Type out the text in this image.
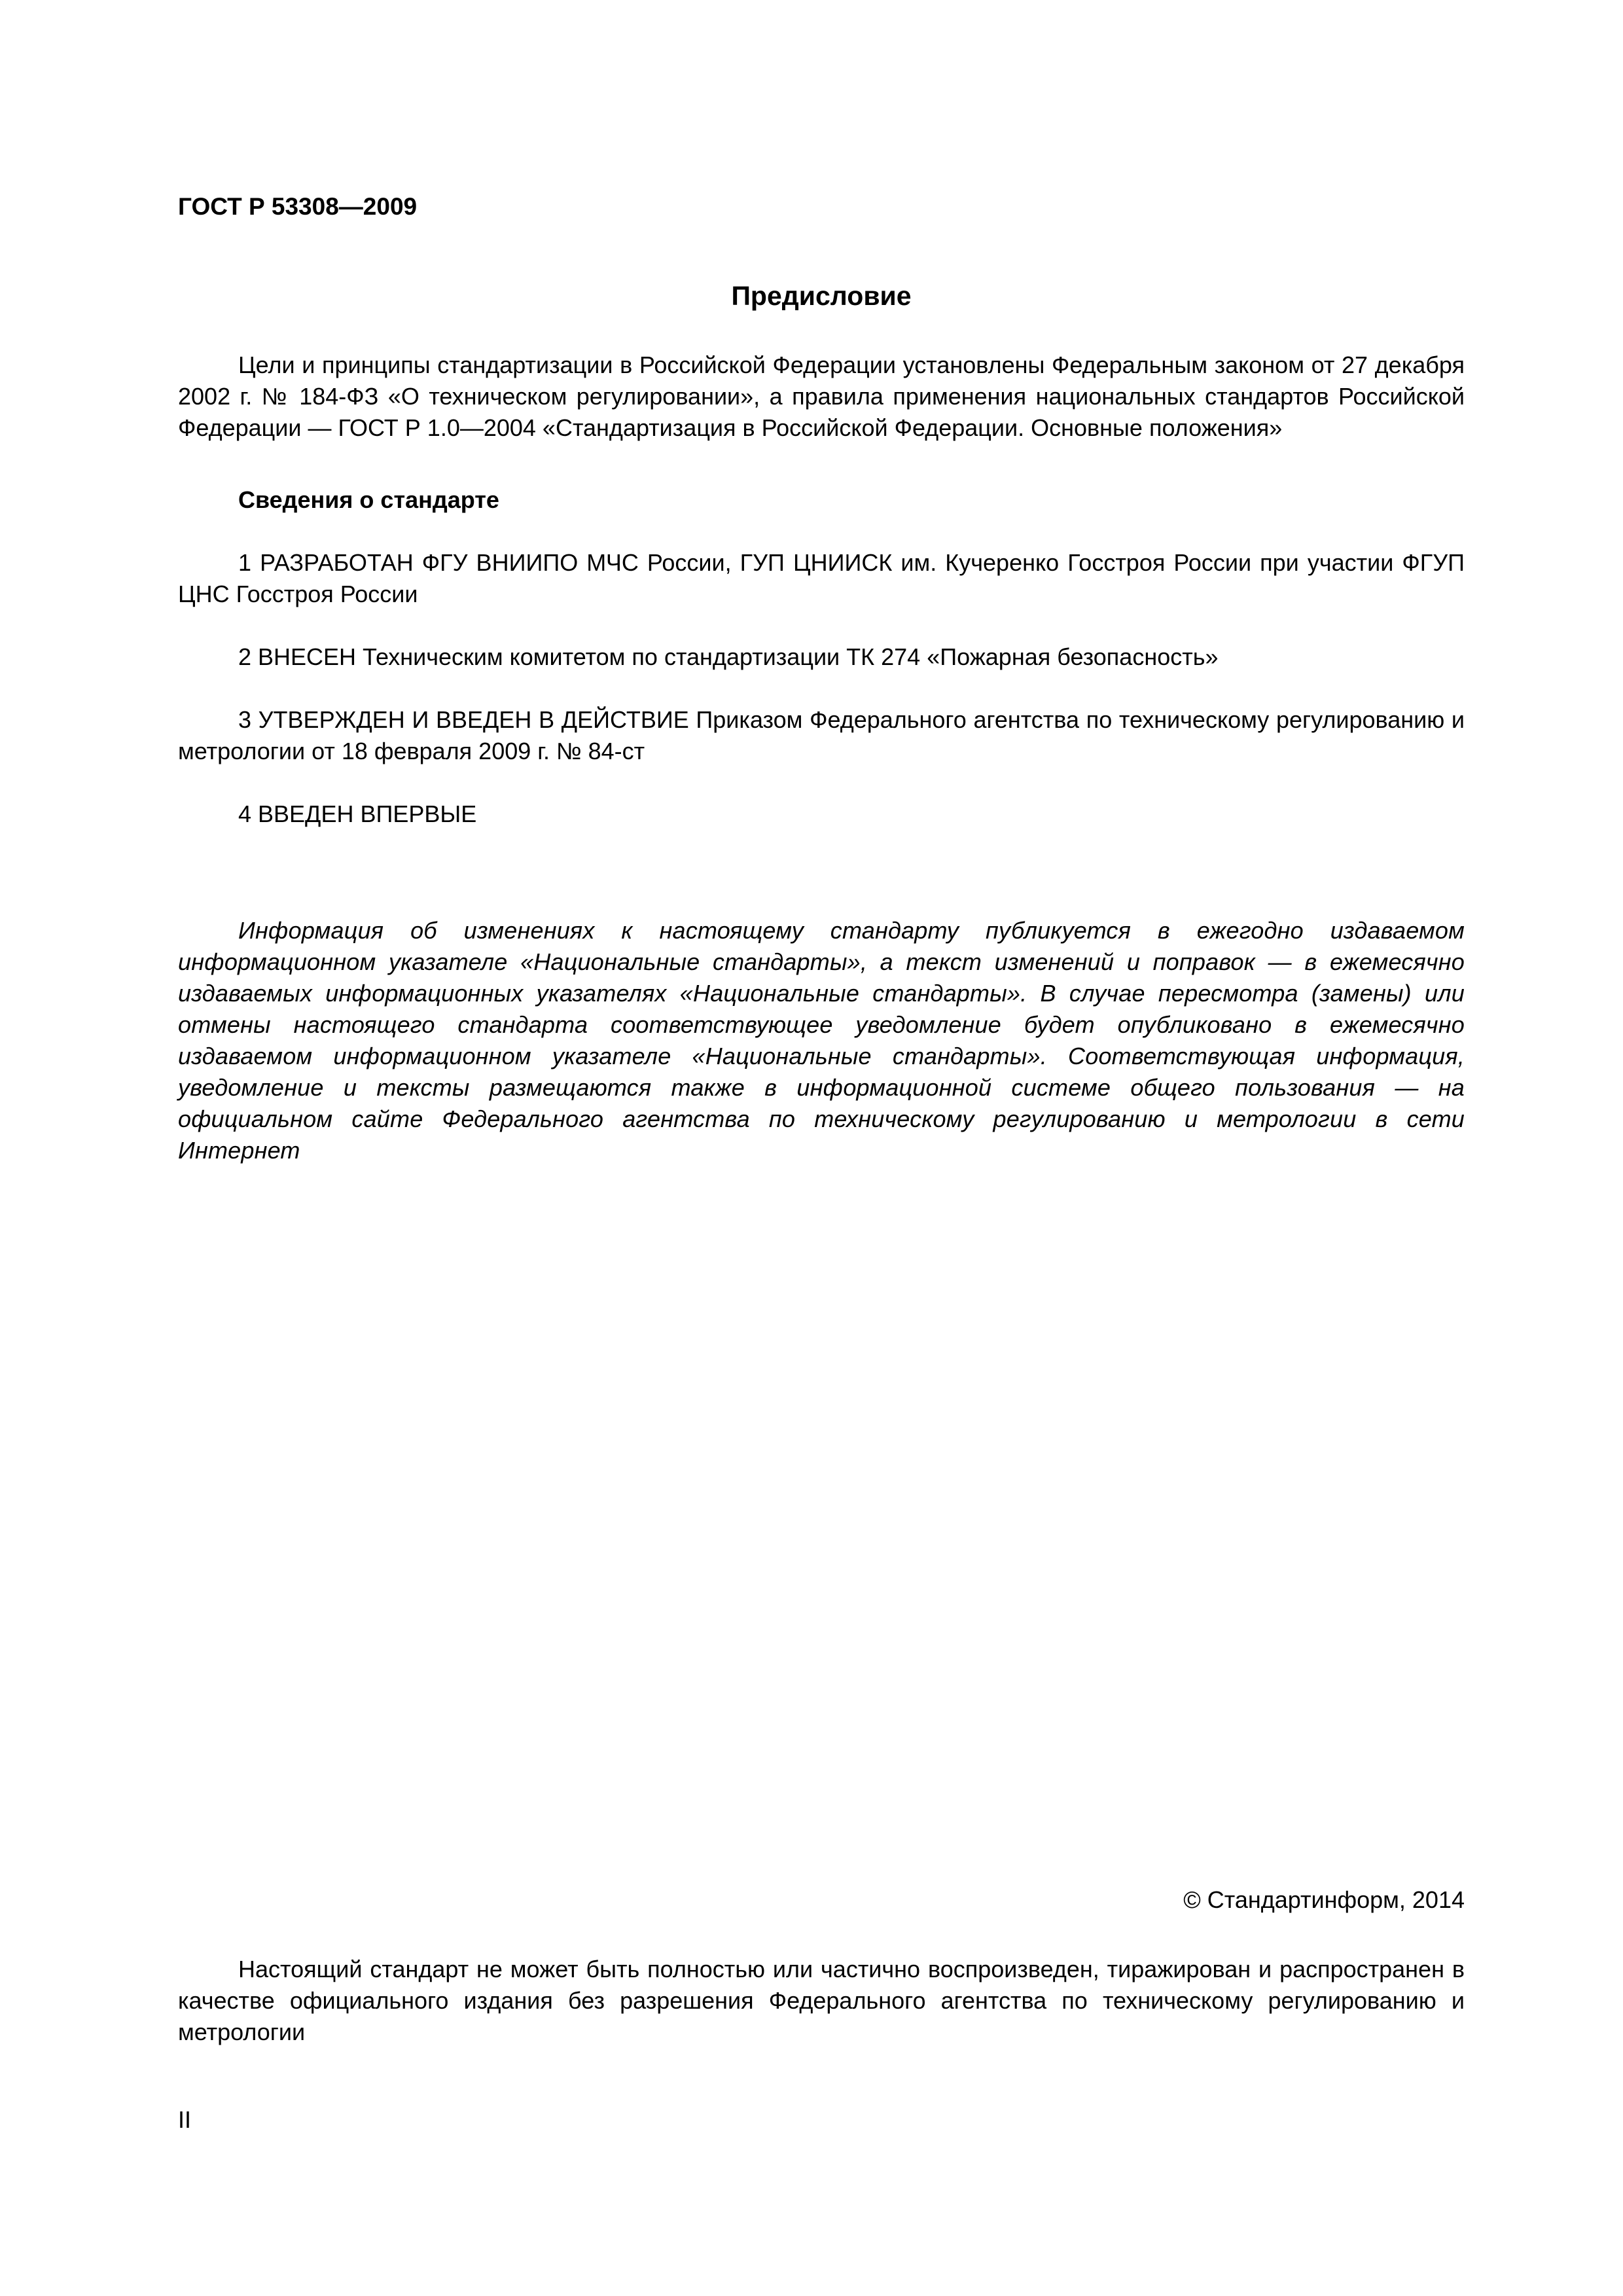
ГОСТ Р 53308—2009
Предисловие

Цели и принципы стандартизации в Российской Федерации установлены Федеральным законом от 27 декабря 2002 г. № 184-ФЗ «О техническом регулировании», а правила применения национальных стандартов Российской Федерации — ГОСТ Р 1.0—2004 «Стандартизация в Российской Федерации. Основные положения»

Сведения о стандарте

1 РАЗРАБОТАН ФГУ ВНИИПО МЧС России, ГУП ЦНИИСК им. Кучеренко Госстроя России при участии ФГУП ЦНС Госстроя России

2 ВНЕСЕН Техническим комитетом по стандартизации ТК 274 «Пожарная безопасность»

3 УТВЕРЖДЕН И ВВЕДЕН В ДЕЙСТВИЕ Приказом Федерального агентства по техническому регулированию и метрологии от 18 февраля 2009 г. № 84-ст

4 ВВЕДЕН ВПЕРВЫЕ

Информация об изменениях к настоящему стандарту публикуется в ежегодно издаваемом информационном указателе «Национальные стандарты», а текст изменений и поправок — в ежемесячно издаваемых информационных указателях «Национальные стандарты». В случае пересмотра (замены) или отмены настоящего стандарта соответствующее уведомление будет опубликовано в ежемесячно издаваемом информационном указателе «Национальные стандарты». Соответствующая информация, уведомление и тексты размещаются также в информационной системе общего пользования — на официальном сайте Федерального агентства по техническому регулированию и метрологии в сети Интернет

© Стандартинформ, 2014

Настоящий стандарт не может быть полностью или частично воспроизведен, тиражирован и распространен в качестве официального издания без разрешения Федерального агентства по техническому регулированию и метрологии

II
